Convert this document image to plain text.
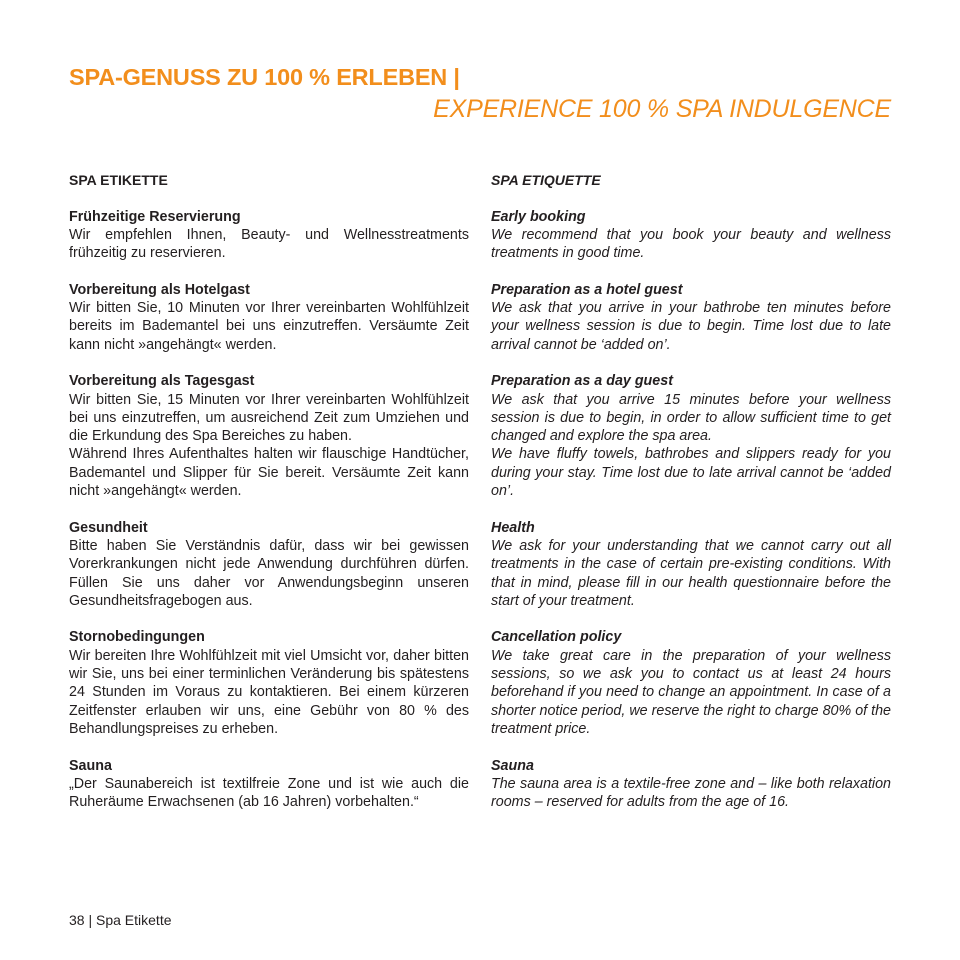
SPA-GENUSS ZU 100 % ERLEBEN |
EXPERIENCE 100 % SPA INDULGENCE
SPA ETIKETTE
Frühzeitige Reservierung

Wir empfehlen Ihnen, Beauty- und Wellnesstreatments frühzeitig zu reservieren.

Vorbereitung als Hotelgast

Wir bitten Sie, 10 Minuten vor Ihrer vereinbarten Wohlfühlzeit bereits im Bademantel bei uns einzutreffen. Versäumte Zeit kann nicht »angehängt« werden.

Vorbereitung als Tagesgast

Wir bitten Sie, 15 Minuten vor Ihrer vereinbarten Wohlfühlzeit bei uns einzutreffen, um ausreichend Zeit zum Umziehen und die Erkundung des Spa Bereiches zu haben.

Während Ihres Aufenthaltes halten wir flauschige Handtücher, Bademantel und Slipper für Sie bereit. Versäumte Zeit kann nicht »angehängt« werden.

Gesundheit

Bitte haben Sie Verständnis dafür, dass wir bei gewissen Vorerkrankungen nicht jede Anwendung durchführen dürfen. Füllen Sie uns daher vor Anwendungsbeginn unseren Gesundheitsfragebogen aus.

Stornobedingungen

Wir bereiten Ihre Wohlfühlzeit mit viel Umsicht vor, daher bitten wir Sie, uns bei einer terminlichen Veränderung bis spätestens 24 Stunden im Voraus zu kontaktieren. Bei einem kürzeren Zeitfenster erlauben wir uns, eine Gebühr von 80 % des Behandlungspreises zu erheben.

Sauna

„Der Saunabereich ist textilfreie Zone und ist wie auch die Ruheräume Erwachsenen (ab 16 Jahren) vorbehalten.“

SPA ETIQUETTE
Early booking

We recommend that you book your beauty and wellness treatments in good time.

Preparation as a hotel guest

We ask that you arrive in your bathrobe ten minutes before your wellness session is due to begin. Time lost due to late arrival cannot be ‘added on’.

Preparation as a day guest

We ask that you arrive 15 minutes before your wellness session is due to begin, in order to allow sufficient time to get changed and explore the spa area.

We have fluffy towels, bathrobes and slippers ready for you during your stay. Time lost due to late arrival cannot be ‘added on’.

Health

We ask for your understanding that we cannot carry out all treatments in the case of certain pre-existing conditions. With that in mind, please fill in our health questionnaire before the start of your treatment.

Cancellation policy

We take great care in the preparation of your wellness sessions, so we ask you to contact us at least 24 hours beforehand if you need to change an appointment. In case of a shorter notice period, we reserve the right to charge 80% of the treatment price.

Sauna

The sauna area is a textile-free zone and – like both relaxation rooms – reserved for adults from the age of 16.

38 | Spa Etikette
